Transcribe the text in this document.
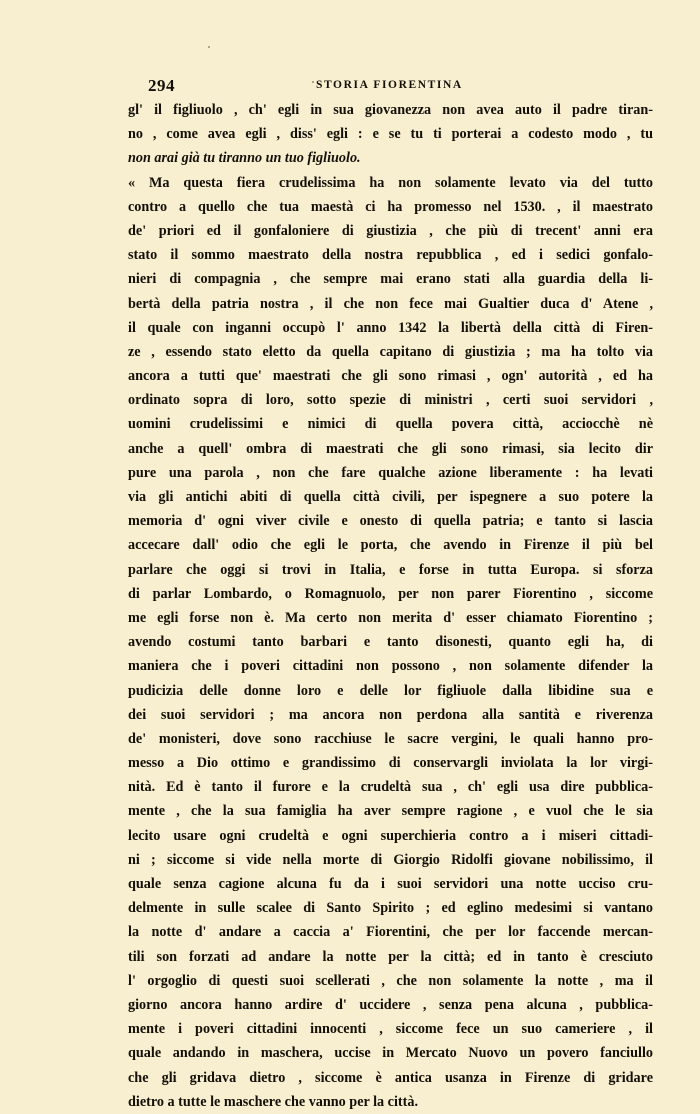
294	STORIA FIORENTINA
gl' il figliuolo , ch' egli in sua giovanezza non avea auto il padre tiran-
no , come avea egli , diss' egli : e se tu ti porterai a codesto modo , tu
non arai già tu tiranno un tuo figliuolo.
« Ma questa fiera crudelissima ha non solamente levato via del tutto
contro a quello che tua maestà ci ha promesso nel 1530. , il maestrato
de' priori ed il gonfaloniere di giustizia , che più di trecent' anni era
stato il sommo maestrato della nostra repubblica , ed i sedici gonfalo-
nieri di compagnia , che sempre mai erano stati alla guardia della li-
bertà della patria nostra , il che non fece mai Gualtier duca d' Atene ,
il quale con inganni occupò l' anno 1342 la libertà della città di Firen-
ze , essendo stato eletto da quella capitano di giustizia ; ma ha tolto via
ancora a tutti que' maestrati che gli sono rimasi , ogn' autorità , ed ha
ordinato sopra di loro, sotto spezie di ministri , certi suoi servidori ,
uomini crudelissimi e nimici di quella povera città, acciocchè nè
anche a quell' ombra di maestrati che gli sono rimasi, sia lecito dir
pure una parola , non che fare qualche azione liberamente : ha levati
via gli antichi abiti di quella città civili, per ispegnere a suo potere la
memoria d' ogni viver civile e onesto di quella patria; e tanto si lascia
accecare dall' odio che egli le porta, che avendo in Firenze il più bel
parlare che oggi si trovi in Italia, e forse in tutta Europa. si sforza
di parlar Lombardo, o Romagnuolo, per non parer Fiorentino , siccome
me egli forse non è. Ma certo non merita d' esser chiamato Fiorentino ;
avendo costumi tanto barbari e tanto disonesti, quanto egli ha, di
maniera che i poveri cittadini non possono , non solamente difender la
pudicizia delle donne loro e delle lor figliuole dalla libidine sua e
dei suoi servidori ; ma ancora non perdona alla santità e riverenza
de' monisteri, dove sono racchiuse le sacre vergini, le quali hanno pro-
messo a Dio ottimo e grandissimo di conservargli inviolata la lor virgi-
nità. Ed è tanto il furore e la crudeltà sua , ch' egli usa dire pubblica-
mente , che la sua famiglia ha aver sempre ragione , e vuol che le sia
lecito usare ogni crudeltà e ogni superchieria contro a i miseri cittadi-
ni ; siccome si vide nella morte di Giorgio Ridolfi giovane nobilissimo, il
quale senza cagione alcuna fu da i suoi servidori una notte ucciso cru-
delmente in sulle scalee di Santo Spirito ; ed eglino medesimi si vantano
la notte d' andare a caccia a' Fiorentini, che per lor faccende mercan-
tili son forzati ad andare la notte per la città; ed in tanto è cresciuto
l' orgoglio di questi suoi scellerati , che non solamente la notte , ma il
giorno ancora hanno ardire d' uccidere , senza pena alcuna , pubblica-
mente i poveri cittadini innocenti , siccome fece un suo cameriere , il
quale andando in maschera, uccise in Mercato Nuovo un povero fanciullo
che gli gridava dietro , siccome è antica usanza in Firenze di gridare
dietro a tutte le maschere che vanno per la città.
